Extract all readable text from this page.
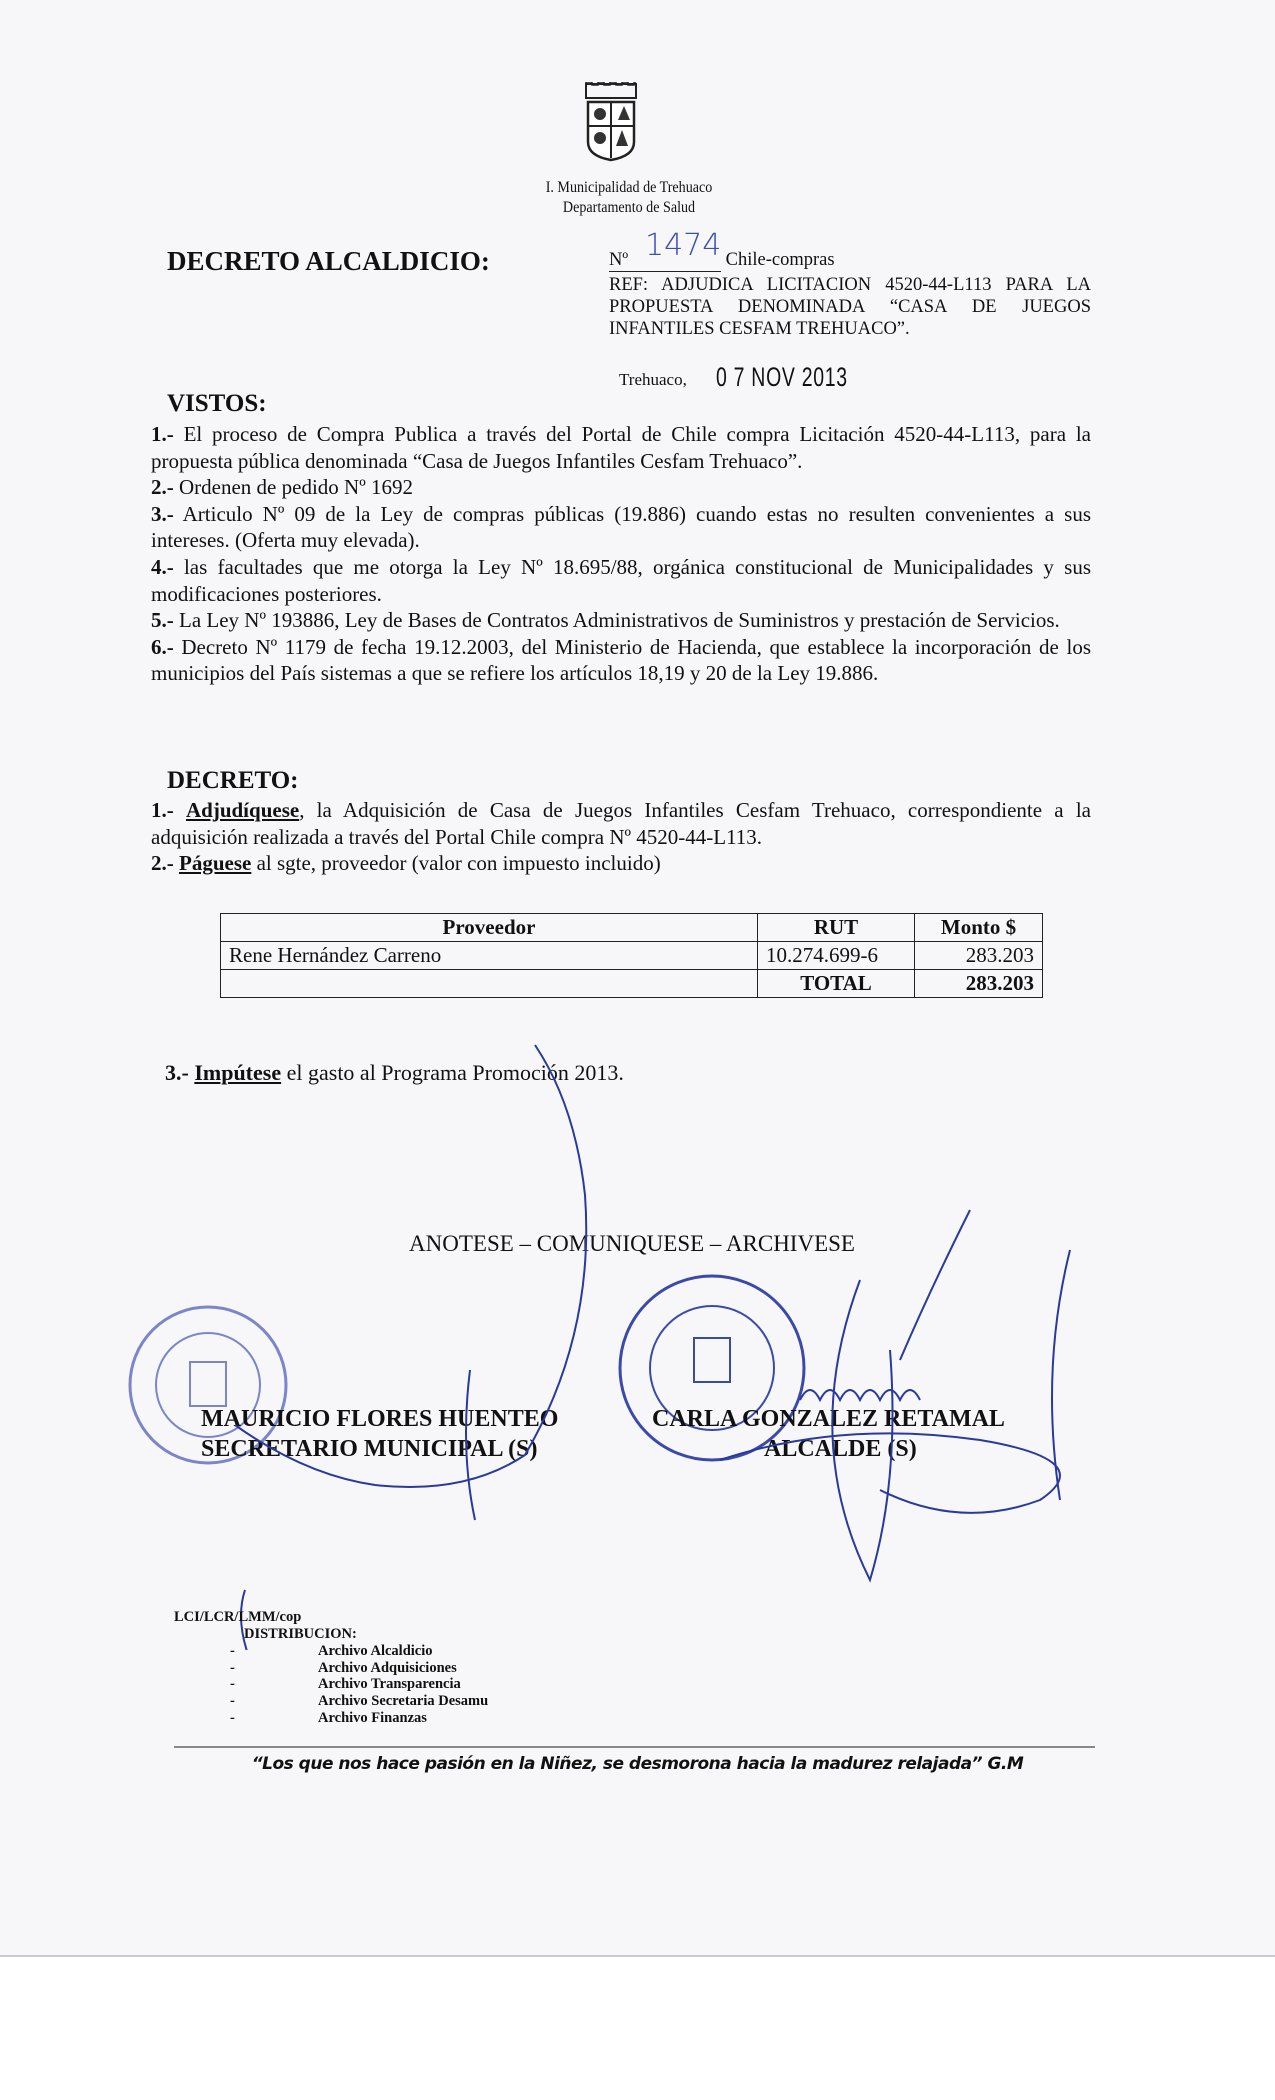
I. Municipalidad de Trehuaco
Departamento de Salud
DECRETO ALCALDICIO:	Nº 1474 Chile-compras
REF: ADJUDICA LICITACION 4520-44-L113 PARA LA PROPUESTA DENOMINADA “CASA DE JUEGOS INFANTILES CESFAM TREHUACO”.
Trehuaco, 0 7 NOV 2013
VISTOS:

1.- El proceso de Compra Publica a través del Portal de Chile compra Licitación 4520-44-L113, para la propuesta pública denominada “Casa de Juegos Infantiles Cesfam Trehuaco”.

2.- Ordenen de pedido Nº 1692

3.- Articulo Nº 09 de la Ley de compras públicas (19.886) cuando estas no resulten convenientes a sus intereses. (Oferta muy elevada).

4.- las facultades que me otorga la Ley Nº 18.695/88, orgánica constitucional de Municipalidades y sus modificaciones posteriores.

5.- La Ley Nº 193886, Ley de Bases de Contratos Administrativos de Suministros y prestación de Servicios.

6.- Decreto Nº 1179 de fecha 19.12.2003, del Ministerio de Hacienda, que establece la incorporación de los municipios del País sistemas a que se refiere los artículos 18,19 y 20 de la Ley 19.886.

DECRETO:

1.- Adjudíquese, la Adquisición de Casa de Juegos Infantiles Cesfam Trehuaco, correspondiente a la adquisición realizada a través del Portal Chile compra Nº 4520-44-L113.

2.- Páguese al sgte, proveedor (valor con impuesto incluido)

Proveedor	RUT	Monto $
Rene Hernández Carreno	10.274.699-6	283.203
	TOTAL	283.203
3.- Impútese el gasto al Programa Promoción 2013.
ANOTESE – COMUNIQUESE – ARCHIVESE
MAURICIO FLORES HUENTEO
SECRETARIO MUNICIPAL (S)
CARLA GONZALEZ RETAMAL
ALCALDE (S)
LCI/LCR/LMM/cop
DISTRIBUCION:
-	Archivo Alcaldicio
-	Archivo Adquisiciones
-	Archivo Transparencia
-	Archivo Secretaria Desamu
-	Archivo Finanzas
“Los que nos hace pasión en la Niñez, se desmorona hacia la madurez relajada” G.M
